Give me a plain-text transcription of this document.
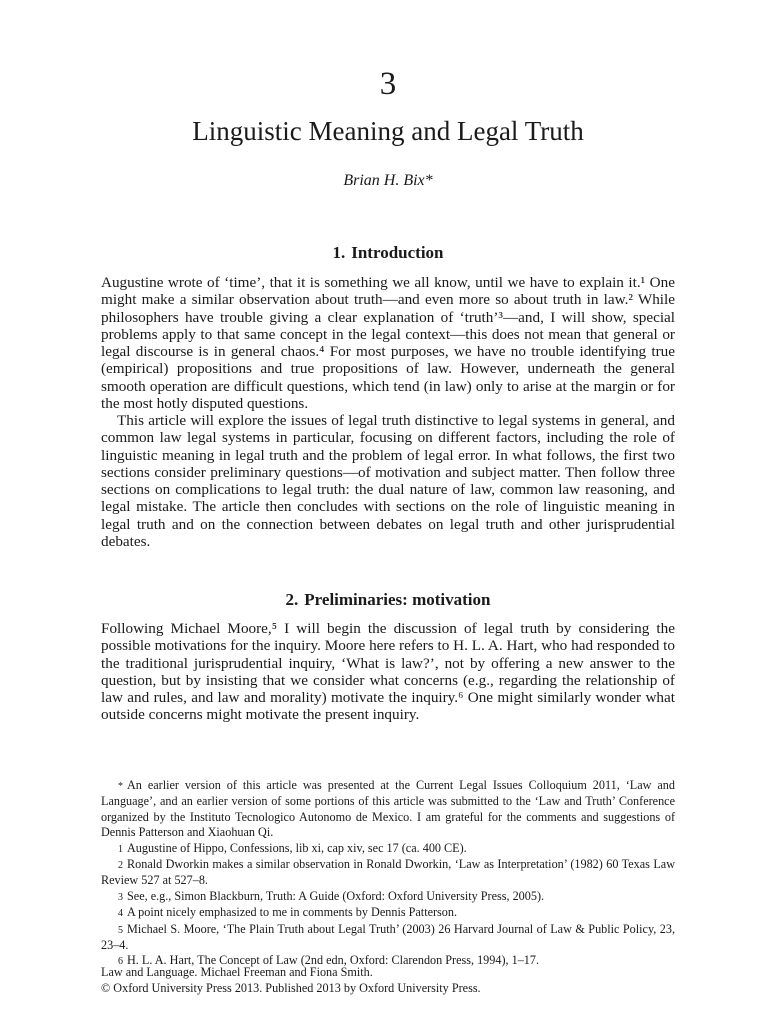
3
Linguistic Meaning and Legal Truth
Brian H. Bix*
1. Introduction

Augustine wrote of ‘time’, that it is something we all know, until we have to explain it.¹ One might make a similar observation about truth—and even more so about truth in law.² While philosophers have trouble giving a clear explanation of ‘truth’³—and, I will show, special problems apply to that same concept in the legal context—this does not mean that general or legal discourse is in general chaos.⁴ For most purposes, we have no trouble identifying true (empirical) propositions and true propositions of law. However, underneath the general smooth operation are difficult questions, which tend (in law) only to arise at the margin or for the most hotly disputed questions.

This article will explore the issues of legal truth distinctive to legal systems in general, and common law legal systems in particular, focusing on different factors, including the role of linguistic meaning in legal truth and the problem of legal error. In what follows, the first two sections consider preliminary questions—of motivation and subject matter. Then follow three sections on complications to legal truth: the dual nature of law, common law reasoning, and legal mistake. The article then concludes with sections on the role of linguistic meaning in legal truth and on the connection between debates on legal truth and other jurisprudential debates.

2. Preliminaries: motivation

Following Michael Moore,⁵ I will begin the discussion of legal truth by considering the possible motivations for the inquiry. Moore here refers to H. L. A. Hart, who had responded to the traditional jurisprudential inquiry, ‘What is law?’, not by offering a new answer to the question, but by insisting that we consider what concerns (e.g., regarding the relationship of law and rules, and law and morality) motivate the inquiry.⁶ One might similarly wonder what outside concerns might motivate the present inquiry.

* An earlier version of this article was presented at the Current Legal Issues Colloquium 2011, ‘Law and Language’, and an earlier version of some portions of this article was submitted to the ‘Law and Truth’ Conference organized by the Instituto Tecnologico Autonomo de Mexico. I am grateful for the comments and suggestions of Dennis Patterson and Xiaohuan Qi.

1 Augustine of Hippo, Confessions, lib xi, cap xiv, sec 17 (ca. 400 CE).

2 Ronald Dworkin makes a similar observation in Ronald Dworkin, ‘Law as Interpretation’ (1982) 60 Texas Law Review 527 at 527–8.

3 See, e.g., Simon Blackburn, Truth: A Guide (Oxford: Oxford University Press, 2005).

4 A point nicely emphasized to me in comments by Dennis Patterson.

5 Michael S. Moore, ‘The Plain Truth about Legal Truth’ (2003) 26 Harvard Journal of Law & Public Policy, 23, 23–4.

6 H. L. A. Hart, The Concept of Law (2nd edn, Oxford: Clarendon Press, 1994), 1–17.

Law and Language. Michael Freeman and Fiona Smith.
© Oxford University Press 2013. Published 2013 by Oxford University Press.
